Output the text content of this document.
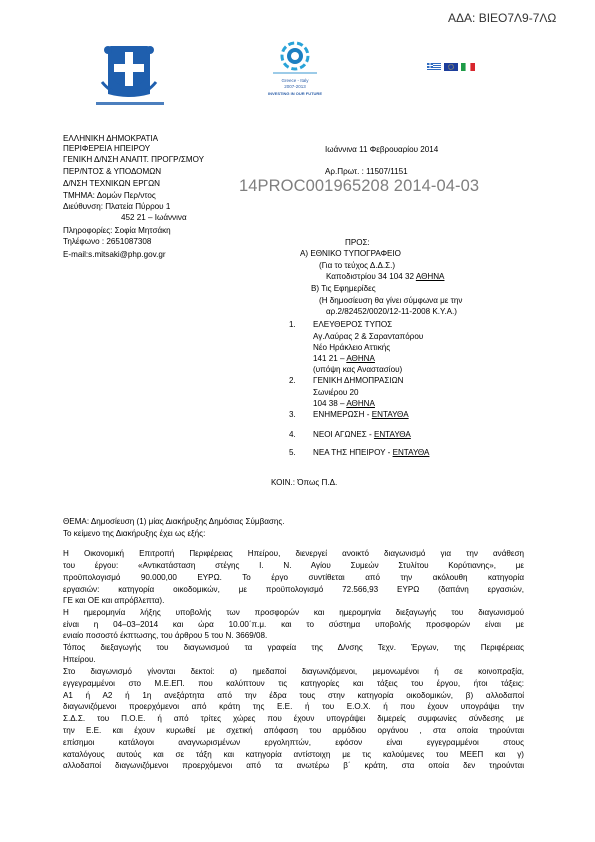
ΑΔΑ: ΒΙΕΟ7Λ9-7ΛΩ
Greece - Italy
2007-2013
INVESTING IN OUR FUTURE
ΕΛΛΗΝΙΚΗ ΔΗΜΟΚΡΑΤΙΑ
ΠΕΡΙΦΕΡΕΙΑ ΗΠΕΙΡΟΥ
ΓΕΝΙΚΗ Δ/ΝΣΗ ΑΝΑΠΤ. ΠΡΟΓΡ/ΣΜΟΥ
ΠΕΡ/ΝΤΟΣ & ΥΠΟΔΟΜΩΝ
Δ/ΝΣΗ ΤΕΧΝΙΚΩΝ ΕΡΓΩΝ
ΤΜΗΜΑ: Δομών Περ/ντος
Διεύθυνση: Πλατεία Πύρρου 1
452 21 – Ιωάννινα
Πληροφορίες: Σοφία Μητσάκη
Τηλέφωνο : 2651087308
E-mail:s.mitsaki@php.gov.gr
Ιωάννινα 11 Φεβρουαρίου 2014
Αρ.Πρωτ. : 11507/1151
14PROC001965208 2014-04-03
ΠΡΟΣ:
Α) ΕΘΝΙΚΟ ΤΥΠΟΓΡΑΦΕΙΟ
(Για το τεύχος Δ.Δ.Σ.)
Καποδιστρίου 34 104 32 ΑΘΗΝΑ
Β) Τις Εφημερίδες
(Η δημοσίευση θα γίνει σύμφωνα με την
αρ.2/82452/0020/12-11-2008 Κ.Υ.Α.)
1. ΕΛΕΥΘΕΡΟΣ ΤΥΠΟΣ
Αγ.Λαύρας 2 & Σαρανταπόρου
Νέο Ηράκλειο Αττικής
141 21 – ΑΘΗΝΑ
(υπόψη κας Αναστασίου)
2. ΓΕΝΙΚΗ ΔΗΜΟΠΡΑΣΙΩΝ
Σωνιέρου 20
104 38 – ΑΘΗΝΑ
3. ΕΝΗΜΕΡΩΣΗ - ΕΝΤΑΥΘΑ
4. ΝΕΟΙ ΑΓΩΝΕΣ - ΕΝΤΑΥΘΑ
5. ΝΕΑ ΤΗΣ ΗΠΕΙΡΟΥ - ΕΝΤΑΥΘΑ
ΚΟΙΝ.: Όπως Π.Δ.
ΘΕΜΑ: Δημοσίευση (1) μίας Διακήρυξης Δημόσιας Σύμβασης.
Το κείμενο της Διακήρυξης έχει ως εξής:
Η Οικονομική Επιτροπή Περιφέρειας Ηπείρου, διενεργεί ανοικτό διαγωνισμό για την ανάθεση
του έργου: «Αντικατάσταση στέγης Ι. Ν. Αγίου Συμεών Στυλίτου Κορύτιανης», με
προϋπολογισμό 90.000,00 ΕΥΡΩ. Το έργο συντίθεται από την ακόλουθη κατηγορία
εργασιών: κατηγορία οικοδομικών, με προϋπολογισμό 72.566,93 ΕΥΡΩ (δαπάνη εργασιών,
ΓΕ και ΟΕ και απρόβλεπτα).
Η ημερομηνία λήξης υποβολής των προσφορών και ημερομηνία διεξαγωγής του διαγωνισμού
είναι η 04–03–2014 και ώρα 10.00΄π.μ. και το σύστημα υποβολής προσφορών είναι με
ενιαίο ποσοστό έκπτωσης, του άρθρου 5 του Ν. 3669/08.
Τόπος διεξαγωγής του διαγωνισμού τα γραφεία της Δ/νσης Τεχν. Έργων, της Περιφέρειας
Ηπείρου.
Στο διαγωνισμό γίνονται δεκτοί: α) ημεδαποί διαγωνιζόμενοι, μεμονωμένοι ή σε κοινοπραξία,
εγγεγραμμένοι στο Μ.Ε.ΕΠ. που καλύπτουν τις κατηγορίες και τάξεις του έργου, ήτοι τάξεις:
Α1 ή Α2 ή 1η ανεξάρτητα από την έδρα τους στην κατηγορία οικοδομικών, β) αλλοδαποί
διαγωνιζόμενοι προερχόμενοι από κράτη της Ε.Ε. ή του Ε.Ο.Χ. ή που έχουν υπογράψει την
Σ.Δ.Σ. του Π.Ο.Ε. ή από τρίτες χώρες που έχουν υπογράψει διμερείς συμφωνίες σύνδεσης με
την Ε.Ε. και έχουν κυρωθεί με σχετική απόφαση του αρμόδιου οργάνου , στα οποία τηρούνται
επίσημοι κατάλογοι αναγνωρισμένων εργοληπτών, εφόσον είναι εγγεγραμμένοι στους
καταλόγους αυτούς και σε τάξη και κατηγορία αντίστοιχη με τις καλούμενες του ΜΕΕΠ και γ)
αλλοδαποί διαγωνιζόμενοι προερχόμενοι από τα ανωτέρω β΄ κράτη, στα οποία δεν τηρούνται
